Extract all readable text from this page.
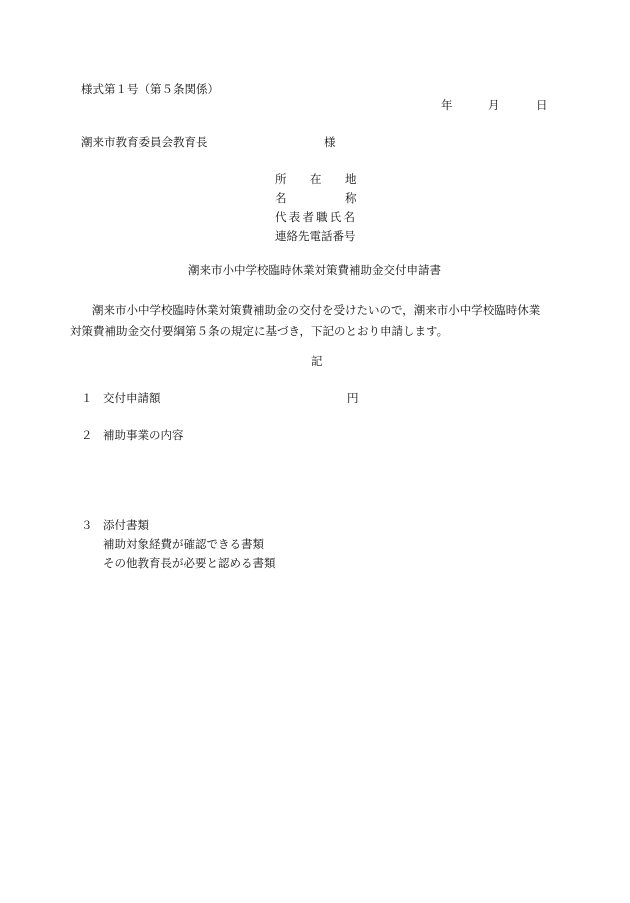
様式第１号（第５条関係）
年	月	日
潮来市教育委員会教育長	様
所 在 地
名	称
代表者職氏名
連絡先電話番号
潮来市小中学校臨時休業対策費補助金交付申請書
潮来市小中学校臨時休業対策費補助金の交付を受けたいので，潮来市小中学校臨時休業
対策費補助金交付要綱第５条の規定に基づき，下記のとおり申請します。
記
１ 交付申請額	円
２ 補助事業の内容
３ 添付書類
補助対象経費が確認できる書類
その他教育長が必要と認める書類
